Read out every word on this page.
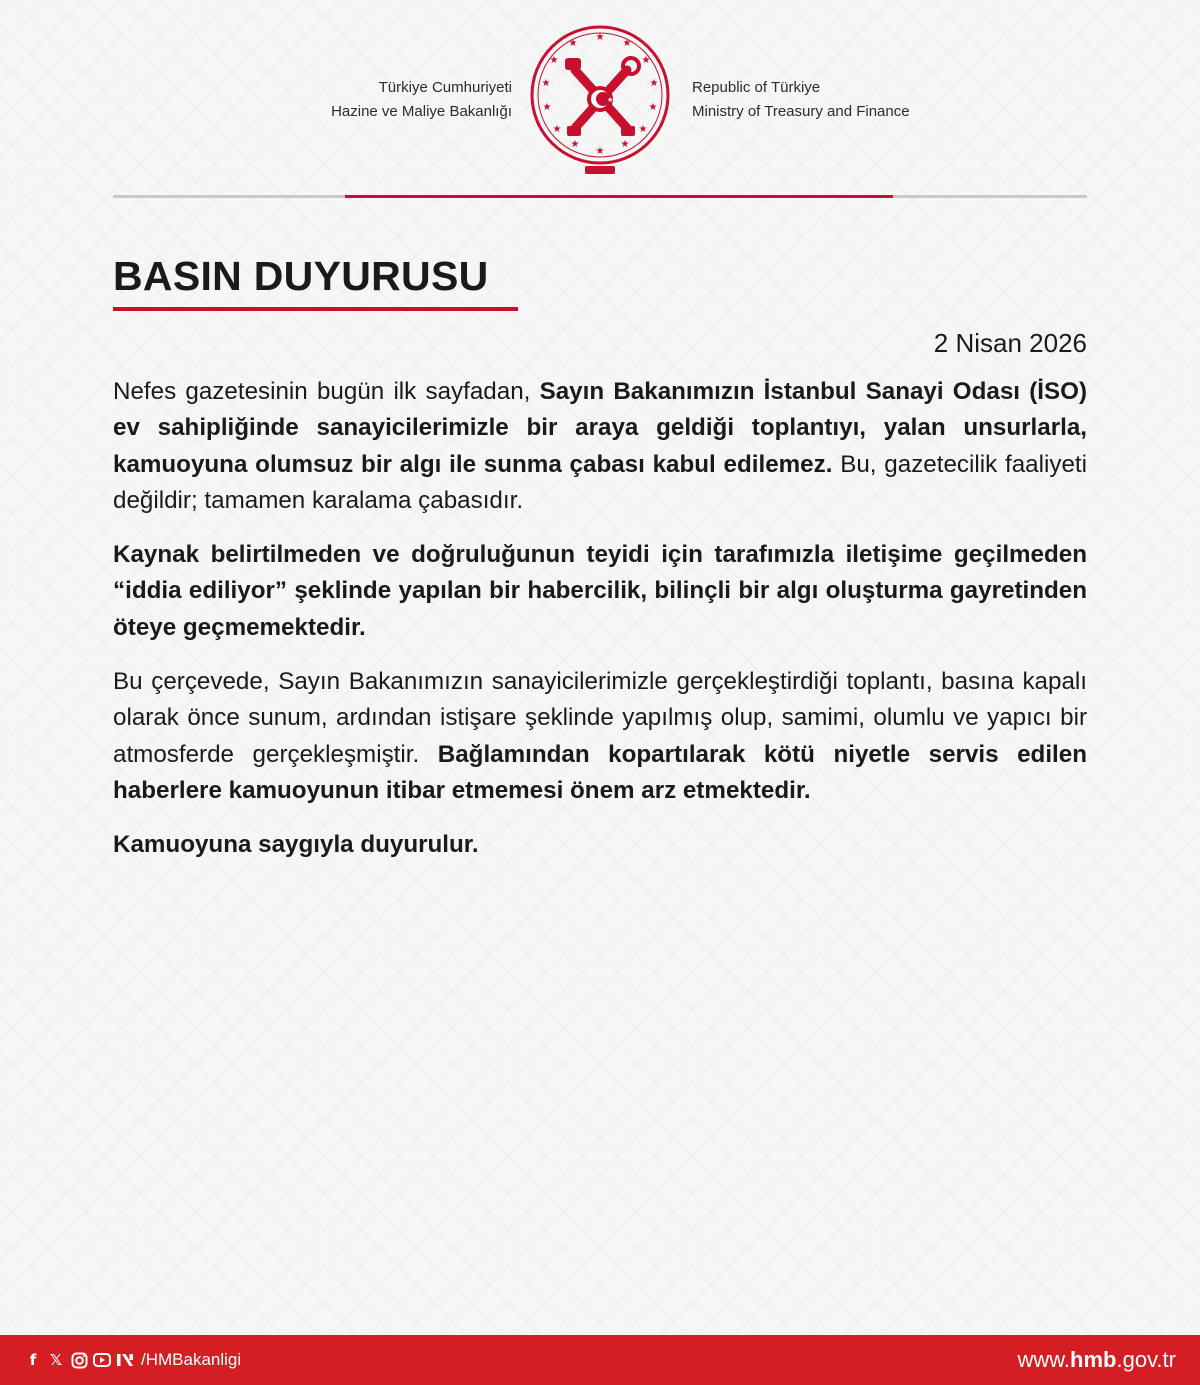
Türkiye Cumhuriyeti
Hazine ve Maliye Bakanlığı
★
★
★
★
★
★
★
★
★
★
★
★
★
★
★
Republic of Türkiye
Ministry of Treasury and Finance
BASIN DUYURUSU
2 Nisan 2026

Nefes gazetesinin bugün ilk sayfadan, Sayın Bakanımızın İstanbul Sanayi Odası (İSO) ev sahipliğinde sanayicilerimizle bir araya geldiği toplantıyı, yalan unsurlarla, kamuoyuna olumsuz bir algı ile sunma çabası kabul edilemez. Bu, gazetecilik faaliyeti değildir; tamamen karalama çabasıdır.

Kaynak belirtilmeden ve doğruluğunun teyidi için tarafımızla iletişime geçilmeden “iddia ediliyor” şeklinde yapılan bir habercilik, bilinçli bir algı oluşturma gayretinden öteye geçmemektedir.

Bu çerçevede, Sayın Bakanımızın sanayicilerimizle gerçekleştirdiği toplantı, basına kapalı olarak önce sunum, ardından istişare şeklinde yapılmış olup, samimi, olumlu ve yapıcı bir atmosferde gerçekleşmiştir. Bağlamından kopartılarak kötü niyetle servis edilen haberlere kamuoyunun itibar etmemesi önem arz etmektedir.

Kamuoyuna saygıyla duyurulur.

f 𝕏	/HMBakanligi	www.hmb.gov.tr
